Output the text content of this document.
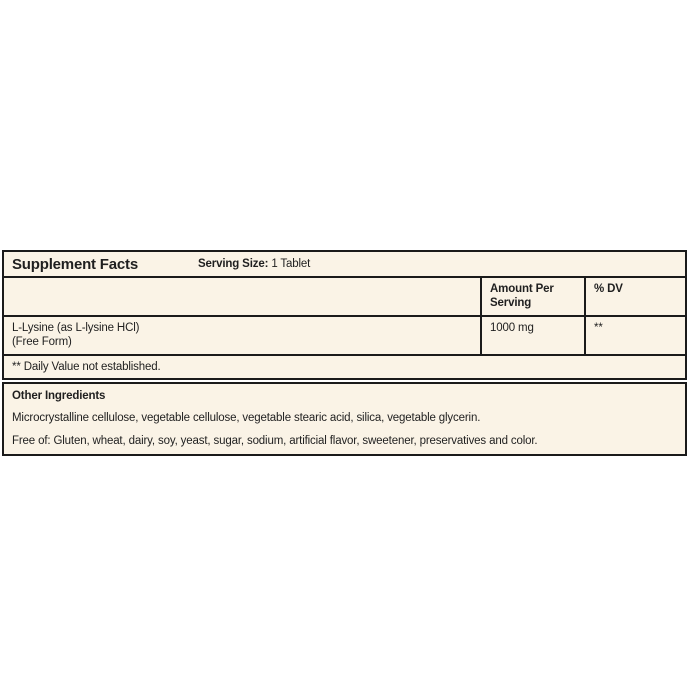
Supplement Facts	Serving Size: 1 Tablet
Amount Per Serving
% DV
L-Lysine (as L-lysine HCl)
(Free Form)
1000 mg	**
** Daily Value not established.
Other Ingredients
Microcrystalline cellulose, vegetable cellulose, vegetable stearic acid, silica, vegetable glycerin.
Free of: Gluten, wheat, dairy, soy, yeast, sugar, sodium, artificial flavor, sweetener, preservatives and color.
